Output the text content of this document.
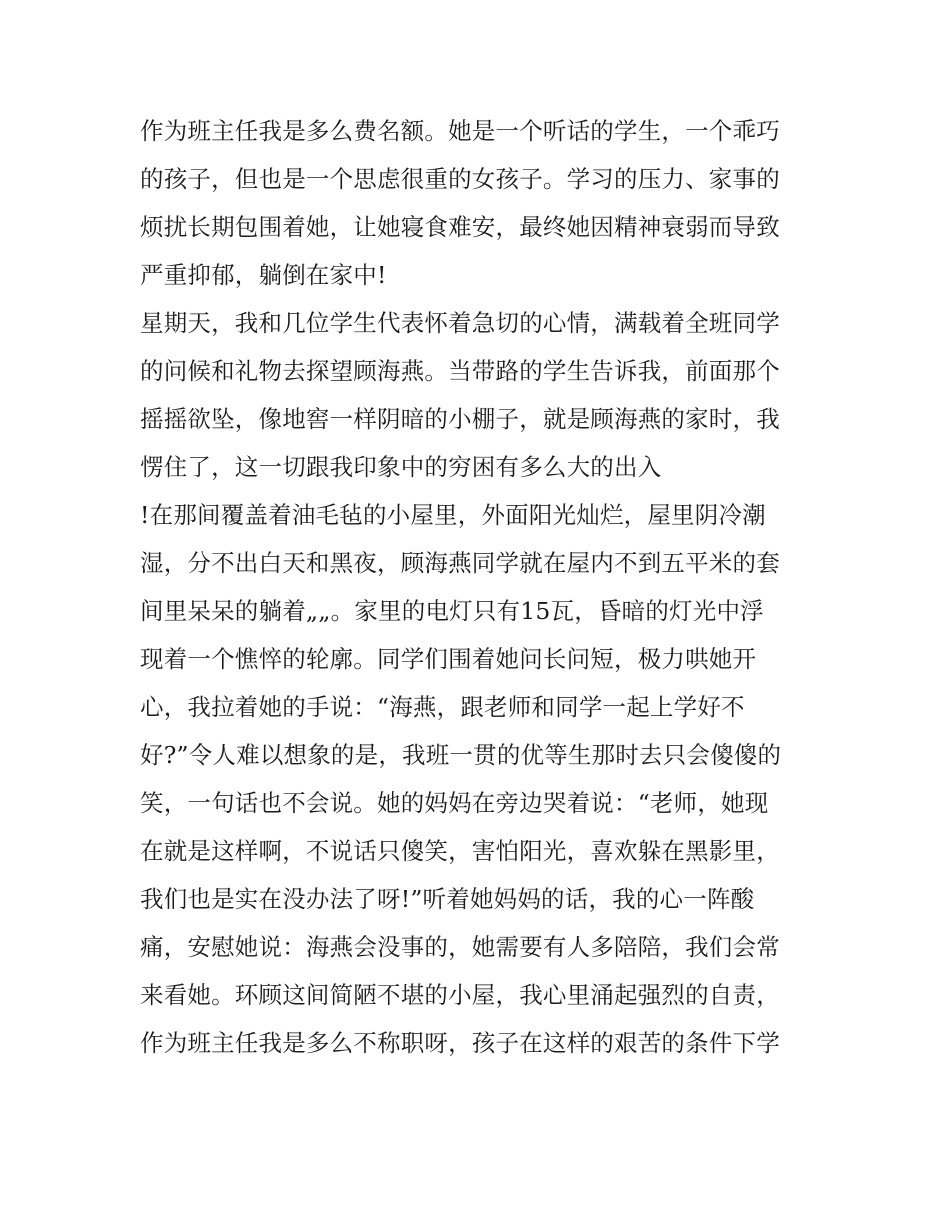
作为班主任我是多么费名额。她是一个听话的学生，一个乖巧
的孩子，但也是一个思虑很重的女孩子。学习的压力、家事的
烦扰长期包围着她，让她寝食难安，最终她因精神衰弱而导致
严重抑郁，躺倒在家中!
星期天，我和几位学生代表怀着急切的心情，满载着全班同学
的问候和礼物去探望顾海燕。当带路的学生告诉我，前面那个
摇摇欲坠，像地窖一样阴暗的小棚子，就是顾海燕的家时，我
愣住了，这一切跟我印象中的穷困有多么大的出入
!在那间覆盖着油毛毡的小屋里，外面阳光灿烂，屋里阴冷潮
湿，分不出白天和黑夜，顾海燕同学就在屋内不到五平米的套
间里呆呆的躺着„„。家里的电灯只有15瓦，昏暗的灯光中浮
现着一个憔悴的轮廓。同学们围着她问长问短，极力哄她开
心，我拉着她的手说：“海燕，跟老师和同学一起上学好不
好?”令人难以想象的是，我班一贯的优等生那时去只会傻傻的
笑，一句话也不会说。她的妈妈在旁边哭着说：“老师，她现
在就是这样啊，不说话只傻笑，害怕阳光，喜欢躲在黑影里，
我们也是实在没办法了呀!”听着她妈妈的话，我的心一阵酸
痛，安慰她说：海燕会没事的，她需要有人多陪陪，我们会常
来看她。环顾这间简陋不堪的小屋，我心里涌起强烈的自责，
作为班主任我是多么不称职呀，孩子在这样的艰苦的条件下学
